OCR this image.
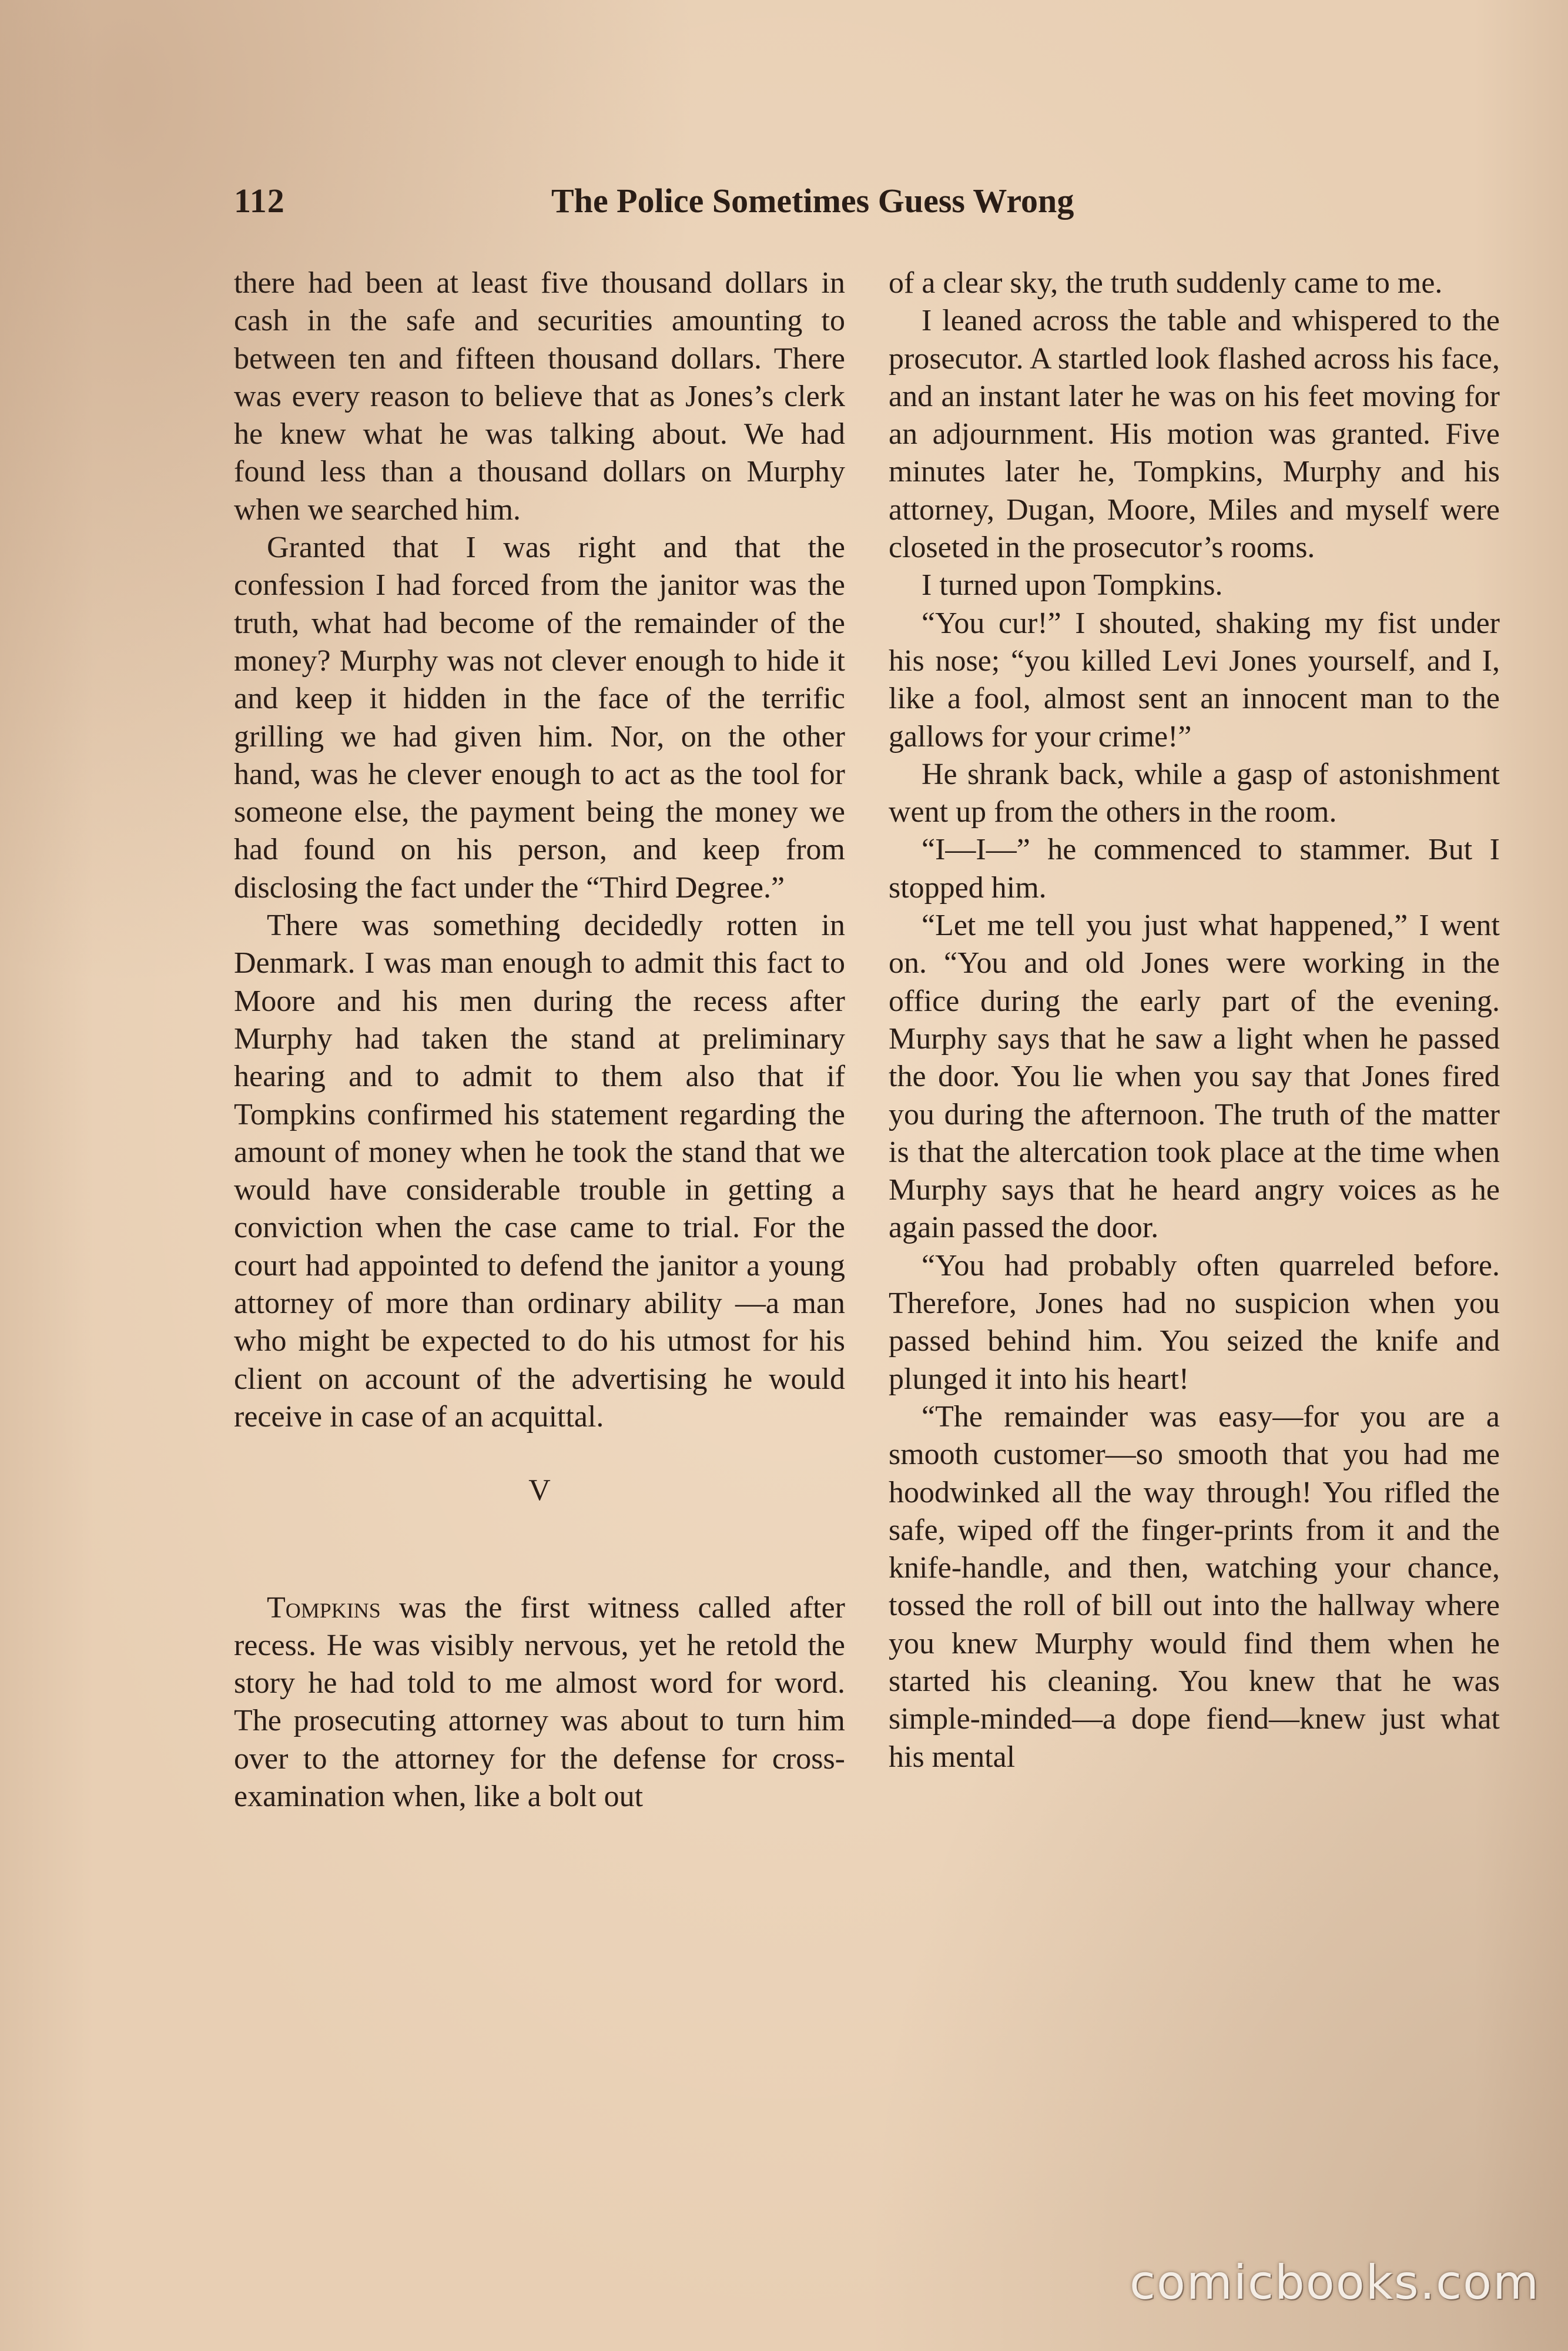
112	The Police Sometimes Guess Wrong

there had been at least five thousand dollars in cash in the safe and securities amounting to between ten and fifteen thousand dollars. There was every reason to believe that as Jones’s clerk he knew what he was talking about. We had found less than a thousand dollars on Murphy when we searched him.

Granted that I was right and that the confession I had forced from the janitor was the truth, what had become of the remainder of the money? Murphy was not clever enough to hide it and keep it hidden in the face of the terrific grilling we had given him. Nor, on the other hand, was he clever enough to act as the tool for someone else, the payment being the money we had found on his person, and keep from disclosing the fact under the “Third Degree.”

There was something decidedly rotten in Denmark. I was man enough to admit this fact to Moore and his men during the recess after Murphy had taken the stand at preliminary hearing and to admit to them also that if Tompkins confirmed his statement regarding the amount of money when he took the stand that we would have considerable trouble in getting a conviction when the case came to trial. For the court had appointed to defend the janitor a young attorney of more than ordinary ability —a man who might be expected to do his utmost for his client on account of the advertising he would receive in case of an acquittal.

V

Tompkins was the first witness called after recess. He was visibly nervous, yet he retold the story he had told to me almost word for word. The prosecuting attorney was about to turn him over to the attorney for the defense for cross-examination when, like a bolt out

of a clear sky, the truth suddenly came to me.

I leaned across the table and whispered to the prosecutor. A startled look flashed across his face, and an instant later he was on his feet moving for an adjournment. His motion was granted. Five minutes later he, Tompkins, Murphy and his attorney, Dugan, Moore, Miles and myself were closeted in the prosecutor’s rooms.

I turned upon Tompkins.

“You cur!” I shouted, shaking my fist under his nose; “you killed Levi Jones yourself, and I, like a fool, almost sent an innocent man to the gallows for your crime!”

He shrank back, while a gasp of astonishment went up from the others in the room.

“I—I—” he commenced to stammer. But I stopped him.

“Let me tell you just what happened,” I went on. “You and old Jones were working in the office during the early part of the evening. Murphy says that he saw a light when he passed the door. You lie when you say that Jones fired you during the afternoon. The truth of the matter is that the altercation took place at the time when Murphy says that he heard angry voices as he again passed the door.

“You had probably often quarreled before. Therefore, Jones had no suspicion when you passed behind him. You seized the knife and plunged it into his heart!

“The remainder was easy—for you are a smooth customer—so smooth that you had me hoodwinked all the way through! You rifled the safe, wiped off the finger-prints from it and the knife-handle, and then, watching your chance, tossed the roll of bill out into the hallway where you knew Murphy would find them when he started his cleaning. You knew that he was simple-minded—a dope fiend—knew just what his mental

comicbooks.com
